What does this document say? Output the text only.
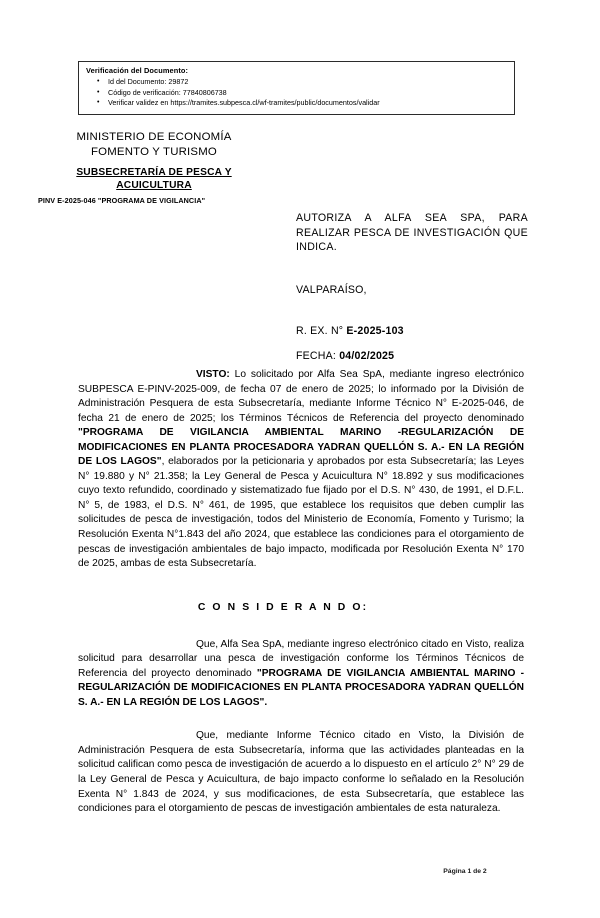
Verificación del Documento:
• Id del Documento: 29872
• Código de verificación: 77840806738
• Verificar validez en https://tramites.subpesca.cl/wf-tramites/public/documentos/validar
MINISTERIO DE ECONOMÍA
FOMENTO Y TURISMO
SUBSECRETARÍA DE PESCA Y ACUICULTURA
PINV E-2025-046 "PROGRAMA DE VIGILANCIA"
AUTORIZA A ALFA SEA SPA, PARA REALIZAR PESCA DE INVESTIGACIÓN QUE INDICA.
VALPARAÍSO,
R. EX. N° E-2025-103
FECHA: 04/02/2025

VISTO: Lo solicitado por Alfa Sea SpA, mediante ingreso electrónico SUBPESCA E-PINV-2025-009, de fecha 07 de enero de 2025; lo informado por la División de Administración Pesquera de esta Subsecretaría, mediante Informe Técnico N° E-2025-046, de fecha 21 de enero de 2025; los Términos Técnicos de Referencia del proyecto denominado "PROGRAMA DE VIGILANCIA AMBIENTAL MARINO -REGULARIZACIÓN DE MODIFICACIONES EN PLANTA PROCESADORA YADRAN QUELLÓN S. A.- EN LA REGIÓN DE LOS LAGOS", elaborados por la peticionaria y aprobados por esta Subsecretaría; las Leyes N° 19.880 y N° 21.358; la Ley General de Pesca y Acuicultura N° 18.892 y sus modificaciones cuyo texto refundido, coordinado y sistematizado fue fijado por el D.S. N° 430, de 1991, el D.F.L. N° 5, de 1983, el D.S. N° 461, de 1995, que establece los requisitos que deben cumplir las solicitudes de pesca de investigación, todos del Ministerio de Economía, Fomento y Turismo; la Resolución Exenta N°1.843 del año 2024, que establece las condiciones para el otorgamiento de pescas de investigación ambientales de bajo impacto, modificada por Resolución Exenta N° 170 de 2025, ambas de esta Subsecretaría.

C O N S I D E R A N D O:

Que, Alfa Sea SpA, mediante ingreso electrónico citado en Visto, realiza solicitud para desarrollar una pesca de investigación conforme los Términos Técnicos de Referencia del proyecto denominado "PROGRAMA DE VIGILANCIA AMBIENTAL MARINO -REGULARIZACIÓN DE MODIFICACIONES EN PLANTA PROCESADORA YADRAN QUELLÓN S. A.- EN LA REGIÓN DE LOS LAGOS".

Que, mediante Informe Técnico citado en Visto, la División de Administración Pesquera de esta Subsecretaría, informa que las actividades planteadas en la solicitud califican como pesca de investigación de acuerdo a lo dispuesto en el artículo 2° N° 29 de la Ley General de Pesca y Acuicultura, de bajo impacto conforme lo señalado en la Resolución Exenta N° 1.843 de 2024, y sus modificaciones, de esta Subsecretaría, que establece las condiciones para el otorgamiento de pescas de investigación ambientales de esta naturaleza.

Página 1 de 2
